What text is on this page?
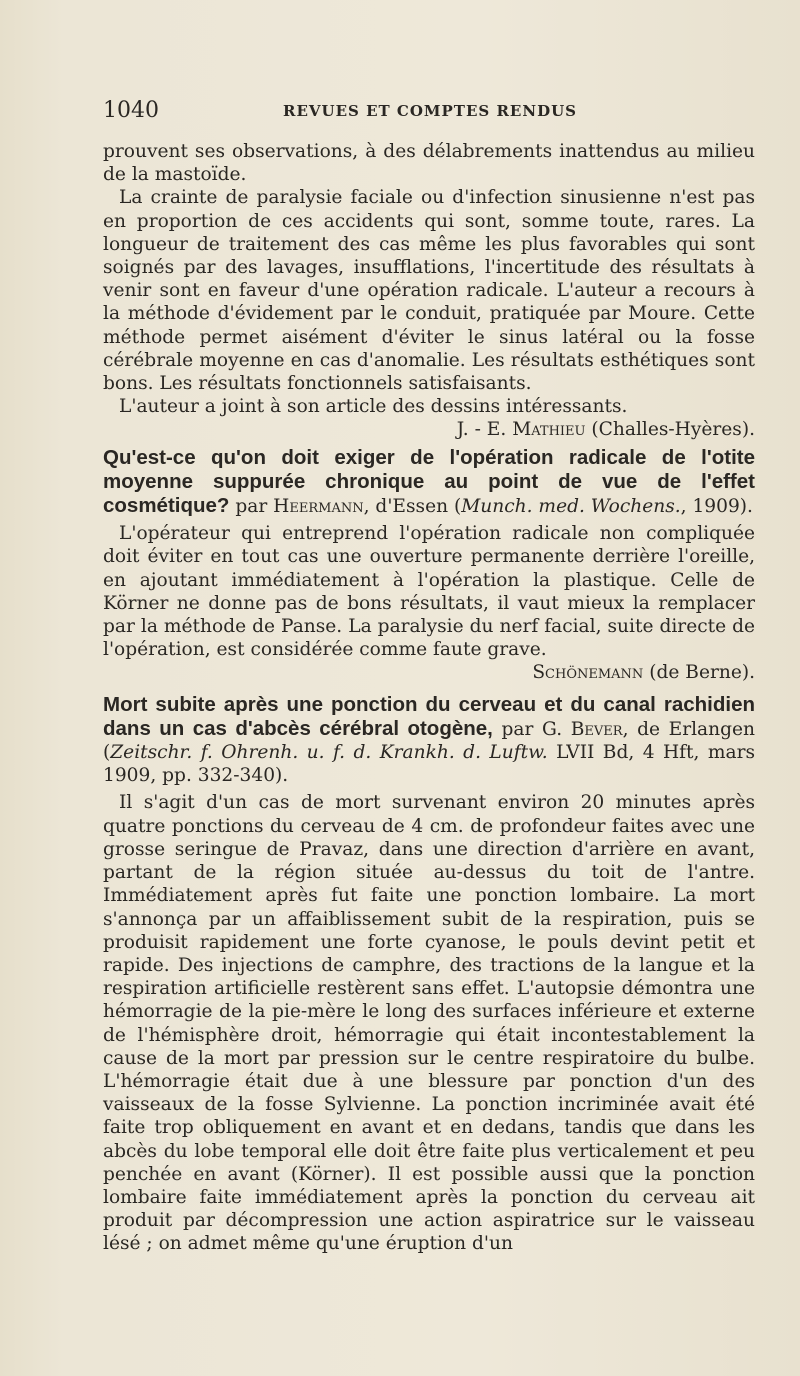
1040	REVUES ET COMPTES RENDUS

prouvent ses observations, à des délabrements inattendus au milieu de la mastoïde.

La crainte de paralysie faciale ou d'infection sinusienne n'est pas en proportion de ces accidents qui sont, somme toute, rares. La longueur de traitement des cas même les plus favorables qui sont soignés par des lavages, insufflations, l'incertitude des résultats à venir sont en faveur d'une opération radicale. L'auteur a recours à la méthode d'évidement par le conduit, pratiquée par Moure. Cette méthode permet aisément d'éviter le sinus latéral ou la fosse cérébrale moyenne en cas d'anomalie. Les résultats esthétiques sont bons. Les résultats fonctionnels satisfaisants.

L'auteur a joint à son article des dessins intéressants.

J. - E. Mathieu (Challes-Hyères).

Qu'est-ce qu'on doit exiger de l'opération radicale de l'otite moyenne suppurée chronique au point de vue de l'effet cosmétique? par Heermann, d'Essen (Munch. med. Wochens., 1909).

L'opérateur qui entreprend l'opération radicale non compliquée doit éviter en tout cas une ouverture permanente derrière l'oreille, en ajoutant immédiatement à l'opération la plastique. Celle de Körner ne donne pas de bons résultats, il vaut mieux la remplacer par la méthode de Panse. La paralysie du nerf facial, suite directe de l'opération, est considérée comme faute grave.

Schönemann (de Berne).

Mort subite après une ponction du cerveau et du canal rachidien dans un cas d'abcès cérébral otogène, par G. Bever, de Erlangen (Zeitschr. f. Ohrenh. u. f. d. Krankh. d. Luftw. LVII Bd, 4 Hft, mars 1909, pp. 332-340).

Il s'agit d'un cas de mort survenant environ 20 minutes après quatre ponctions du cerveau de 4 cm. de profondeur faites avec une grosse seringue de Pravaz, dans une direction d'arrière en avant, partant de la région située au-dessus du toit de l'antre. Immédiatement après fut faite une ponction lombaire. La mort s'annonça par un affaiblissement subit de la respiration, puis se produisit rapidement une forte cyanose, le pouls devint petit et rapide. Des injections de camphre, des tractions de la langue et la respiration artificielle restèrent sans effet. L'autopsie démontra une hémorragie de la pie-mère le long des surfaces inférieure et externe de l'hémisphère droit, hémorragie qui était incontestablement la cause de la mort par pression sur le centre respiratoire du bulbe. L'hémorragie était due à une blessure par ponction d'un des vaisseaux de la fosse Sylvienne. La ponction incriminée avait été faite trop obliquement en avant et en dedans, tandis que dans les abcès du lobe temporal elle doit être faite plus verticalement et peu penchée en avant (Körner). Il est possible aussi que la ponction lombaire faite immédiatement après la ponction du cerveau ait produit par décompression une action aspiratrice sur le vaisseau lésé ; on admet même qu'une éruption d'un
